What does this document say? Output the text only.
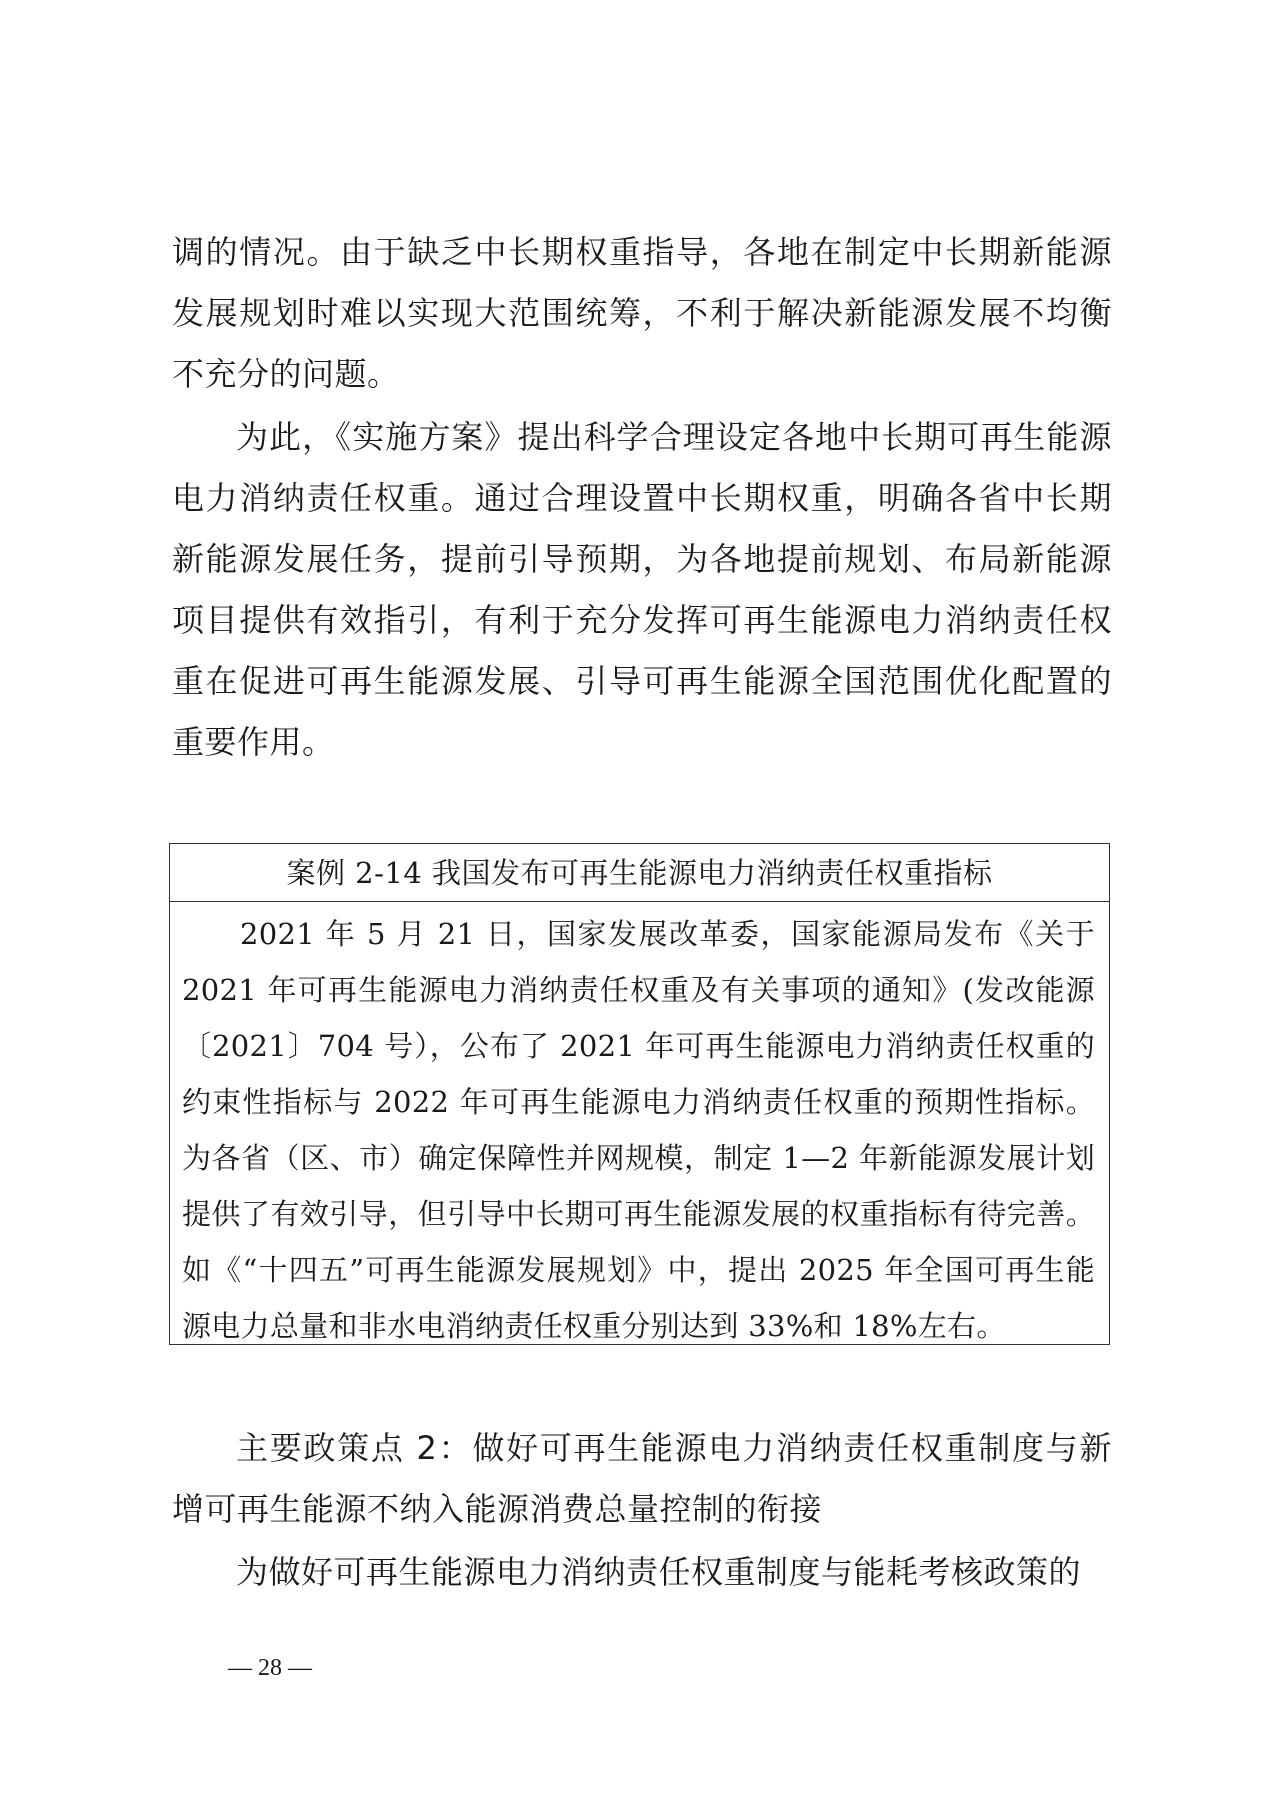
调的情况。由于缺乏中长期权重指导，各地在制定中长期新能源发展规划时难以实现大范围统筹，不利于解决新能源发展不均衡不充分的问题。

为此，《实施方案》提出科学合理设定各地中长期可再生能源电力消纳责任权重。通过合理设置中长期权重，明确各省中长期新能源发展任务，提前引导预期，为各地提前规划、布局新能源项目提供有效指引，有利于充分发挥可再生能源电力消纳责任权重在促进可再生能源发展、引导可再生能源全国范围优化配置的重要作用。

案例 2-14 我国发布可再生能源电力消纳责任权重指标

2021 年 5 月 21 日，国家发展改革委，国家能源局发布《关于 2021 年可再生能源电力消纳责任权重及有关事项的通知》(发改能源〔2021〕704 号），公布了 2021 年可再生能源电力消纳责任权重的约束性指标与 2022 年可再生能源电力消纳责任权重的预期性指标。为各省（区、市）确定保障性并网规模，制定 1—2 年新能源发展计划提供了有效引导，但引导中长期可再生能源发展的权重指标有待完善。如《“十四五”可再生能源发展规划》中，提出 2025 年全国可再生能源电力总量和非水电消纳责任权重分别达到 33%和 18%左右。

主要政策点 2：做好可再生能源电力消纳责任权重制度与新增可再生能源不纳入能源消费总量控制的衔接

为做好可再生能源电力消纳责任权重制度与能耗考核政策的

— 28 —
